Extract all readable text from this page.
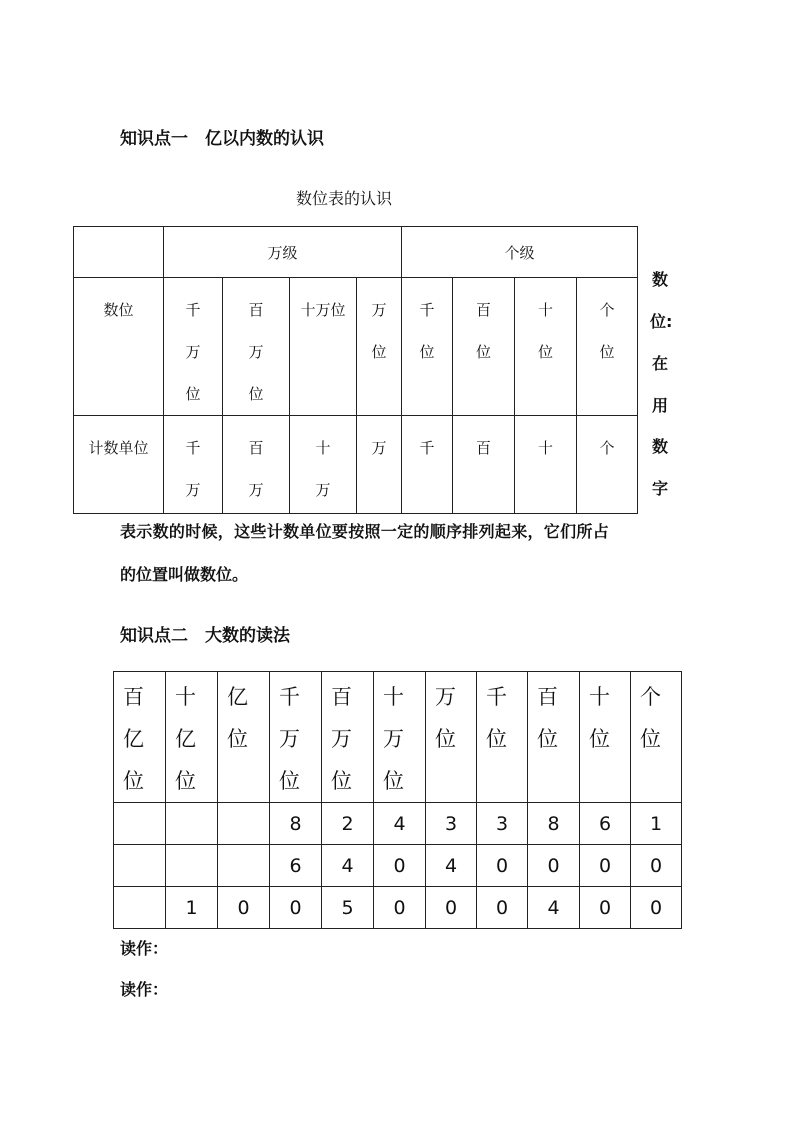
知识点一　亿以内数的认识
数位表的认识
	万级				个级			

数位	千万位	百万位	十万位	万位	千位	百位	十位	个位

计数单位	千万	百万	十万	万	千	百	十	个
数
位:
在
用
数
字
表示数的时候，这些计数单位要按照一定的顺序排列起来，它们所占
的位置叫做数位。
知识点二　大数的读法
百亿位	十亿位	亿位	千万位	百万位	十万位	万位	千位	百位	十位	个位

			8	2	4	3	3	8	6	1
			6	4	0	4	0	0	0	0
	1	0	0	5	0	0	0	4	0	0
读作：
读作：
